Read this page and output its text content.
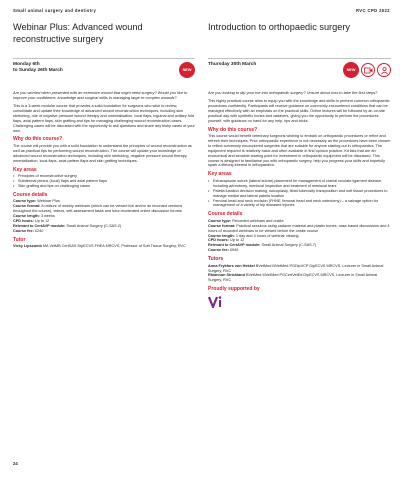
Small animal surgery and dentistry	RVC CPD 2022
Webinar Plus: Advanced wound reconstructive surgery
Monday 6th
to Sunday 26th March	NEW
Are you worried when presented with an extensive wound that might need surgery? Would you like to improve your confidence, knowledge and surgical skills in managing large or complex wounds?
This is a 3-week modular course that provides a solid foundation for surgeons who wish to review, consolidate and update their knowledge of advanced wound reconstruction techniques, including skin stretching, role of negative pressure wound therapy and omentalisation, local flaps, inguinal and axillary fold flaps, axial pattern flaps, skin grafting and tips for managing challenging wound reconstruction cases. Challenging cases will be discussed with the opportunity to ask questions and share any tricky cases of your own.
Why do this course?
The course will provide you with a solid foundation to understand the principles of wound reconstruction as well as practical tips for performing wound reconstruction. The course will update your knowledge of advanced wound reconstruction techniques, including skin stretching, negative pressure wound therapy, omentalisation, local flaps, axial pattern flaps and skin grafting techniques.
Key areas
• Principles of reconstructive surgery
• Subdermal plexus (local) flaps and axial pattern flaps
• Skin grafting and tips on challenging cases
Course details
Course type: Webinar Plus
Course format: A mixture of weekly webinars (which can be viewed live and/or as recorded versions throughout the course), videos, self-assessment tasks and tutor-moderated online discussion forums
Course length: 3 weeks
CPD hours: Up to 12
Relevant to CertAVP module: Small Animal Surgery (C-SAS.2)
Course fee: £240
Tutor
Vicky Lipscomb MA VetMB CertSAS DipECVS FHEA MRCVS, Professor of Soft Tissue Surgery, RVC
Introduction to orthopaedic surgery
Thursday 30th March
NEW
Are you looking to dip your toe into orthopaedic surgery? Unsure about how to take the first steps?
This highly practical course aims to equip you with the knowledge and skills to perform common orthopaedic procedures confidently. Participants will receive guidance on commonly encountered conditions that can be managed effectively with an emphasis on the practical skills. Online lectures will be followed by an on-site practical day with synthetic bones and cadavers, giving you the opportunity to perform the procedures yourself, with guidance on hand for any help, tips and tricks.
Why do this course?
This course would benefit veterinary surgeons wishing to embark on orthopaedic procedures or refine and refresh their techniques. Prior orthopaedic experience is not necessary as the procedures have been chosen to reflect commonly encountered surgeries that are suitable for anyone starting out in orthopaedics. The equipment required is relatively basic and often available in first opinion practice. Kit lists that are an economical and sensible starting point for investment in orthopaedic equipment will be discussed. This course is designed to familiarise you with orthopaedic surgery, help you progress your skills and hopefully spark a lifelong interest in orthopaedics.
Key areas
• Extracapsular suture (lateral suture) placement for management of cranial cruciate ligament disease, including arthrotomy, meniscal inspection and treatment of meniscal tears
• Patella luxation decision making, sulcoplasty, tibial tuberosity transposition and soft tissue procedures to manage medial and lateral patella luxation
• Femoral head and neck excision (FHNE, femoral head and neck ostectomy) – a salvage option for management of a variety of hip diseased injuries
Course details
Course type: Recorded webinars and onsite
Course format: Practical sessions using cadaver material and plastic bones, case-based discussions and 4 hours of recorded webinars to be viewed before the onsite course
Course length: 1 day and 4 hours of webinar viewing
CPD hours: Up to 12
Relevant to CertAVP module: Small Animal Surgery (C-SAS.7)
Course fee: £949
Tutors
Anna Frykfors von Hekkel BVetMed MVetMed PGDipVCP DipECVS MRCVS, Lecturer in Small Animal Surgery, RVC
Rhiannon Strickland BVetMed MVetMed PGCertVetEd DipECVS MRCVS, Lecturer in Small Animal Surgery, RVC
Proudly supported by
24
